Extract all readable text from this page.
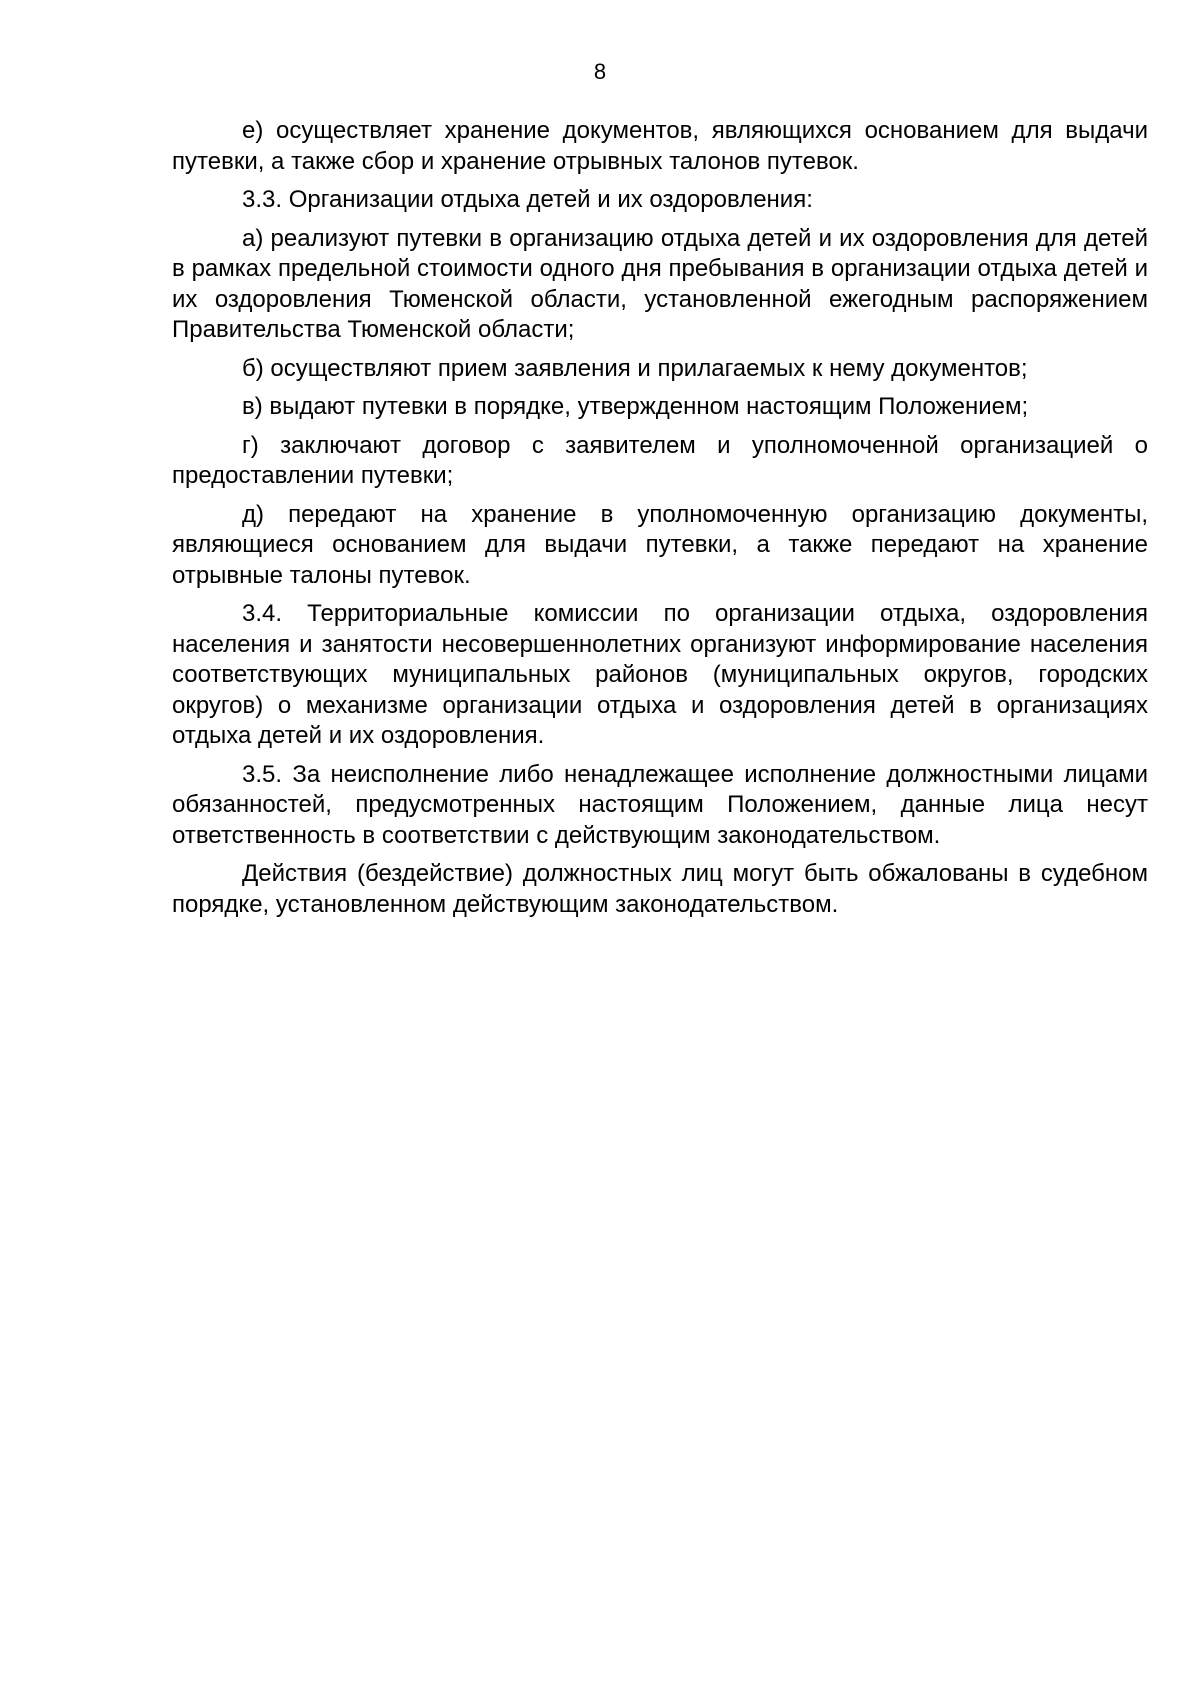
8

е) осуществляет хранение документов, являющихся основанием для выдачи путевки, а также сбор и хранение отрывных талонов путевок.

3.3. Организации отдыха детей и их оздоровления:

а) реализуют путевки в организацию отдыха детей и их оздоровления для детей в рамках предельной стоимости одного дня пребывания в организации отдыха детей и их оздоровления Тюменской области, установленной ежегодным распоряжением Правительства Тюменской области;

б) осуществляют прием заявления и прилагаемых к нему документов;

в) выдают путевки в порядке, утвержденном настоящим Положением;

г) заключают договор с заявителем и уполномоченной организацией о предоставлении путевки;

д) передают на хранение в уполномоченную организацию документы, являющиеся основанием для выдачи путевки, а также передают на хранение отрывные талоны путевок.

3.4. Территориальные комиссии по организации отдыха, оздоровления населения и занятости несовершеннолетних организуют информирование населения соответствующих муниципальных районов (муниципальных округов, городских округов) о механизме организации отдыха и оздоровления детей в организациях отдыха детей и их оздоровления.

3.5. За неисполнение либо ненадлежащее исполнение должностными лицами обязанностей, предусмотренных настоящим Положением, данные лица несут ответственность в соответствии с действующим законодательством.

Действия (бездействие) должностных лиц могут быть обжалованы в судебном порядке, установленном действующим законодательством.
